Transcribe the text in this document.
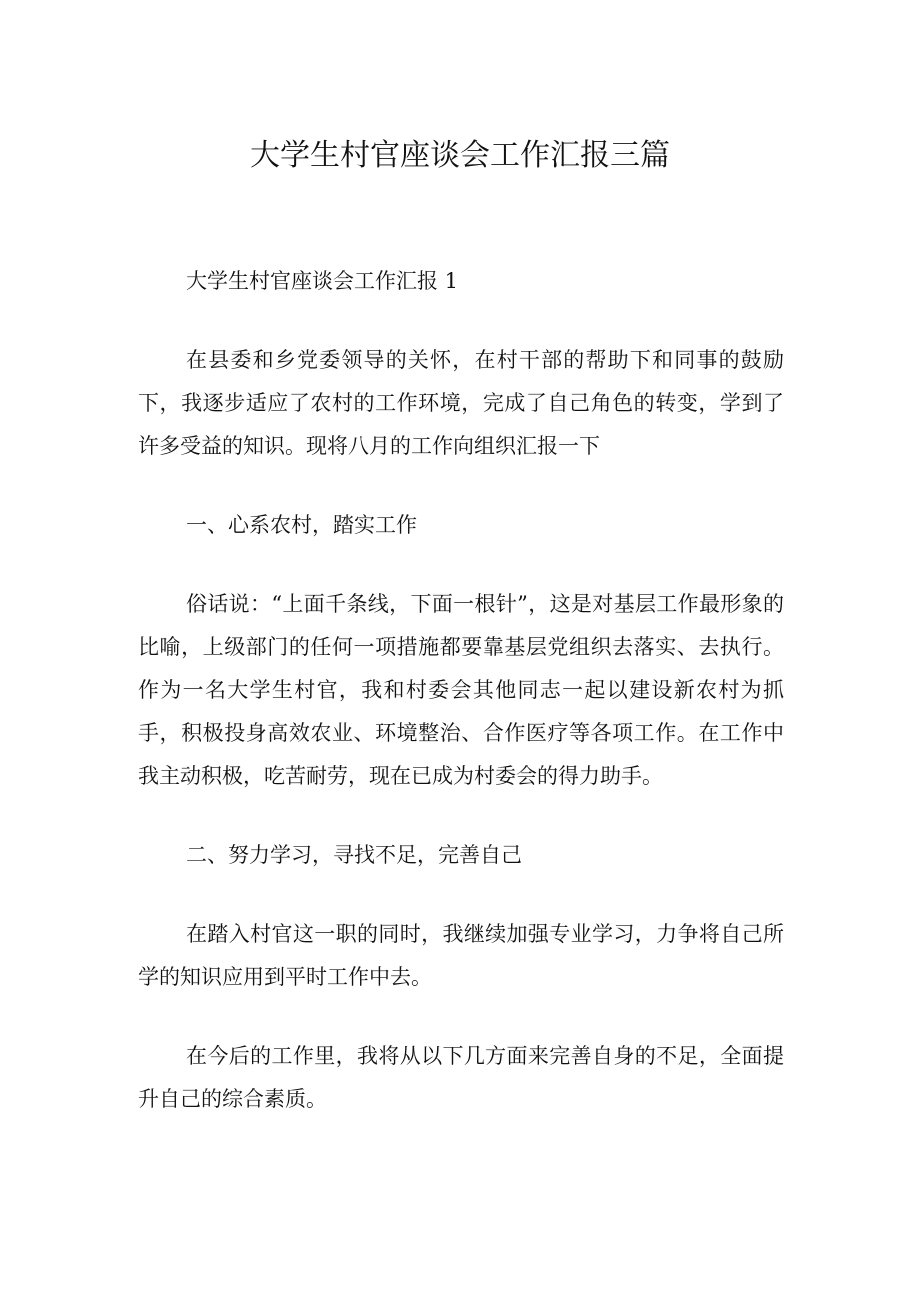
大学生村官座谈会工作汇报三篇

大学生村官座谈会工作汇报 1

在县委和乡党委领导的关怀，在村干部的帮助下和同事的鼓励下，我逐步适应了农村的工作环境，完成了自己角色的转变，学到了许多受益的知识。现将八月的工作向组织汇报一下

一、心系农村，踏实工作

俗话说：“上面千条线，下面一根针”，这是对基层工作最形象的比喻，上级部门的任何一项措施都要靠基层党组织去落实、去执行。作为一名大学生村官，我和村委会其他同志一起以建设新农村为抓手，积极投身高效农业、环境整治、合作医疗等各项工作。在工作中我主动积极，吃苦耐劳，现在已成为村委会的得力助手。

二、努力学习，寻找不足，完善自己

在踏入村官这一职的同时，我继续加强专业学习，力争将自己所学的知识应用到平时工作中去。

在今后的工作里，我将从以下几方面来完善自身的不足，全面提升自己的综合素质。
